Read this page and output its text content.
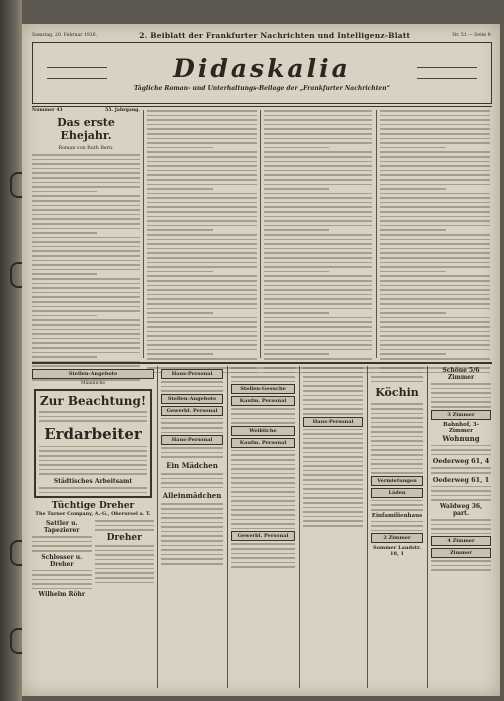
Samstag, 20. Februar 1926.	2. Beiblatt der Frankfurter Nachrichten und Intelligenz-Blatt	Nr. 51 — Seite 9.
Didaskalia
Tägliche Roman- und Unterhaltungs-Beilage der „Frankfurter Nachrichten“
Nummer 43	55. Jahrgang.
Das erste Ehejahr.
Roman von Ruth Bern.
Stellen-Angebote
Männliche
Zur Beachtung!
Erdarbeiter
Städtisches Arbeitsamt
Tüchtige Dreher
The Turner Company, A.-G., Oberursel a. T.
Sattler u. Tapezierer
Schlosser u. Dreher
Wilhelm Röhr
Dreher
Haus-Personal
Stellen-Angebote
Gewerbl. Personal
Haus-Personal
Ein Mädchen
Alleinmädchen
Stellen-Gesuche
Kaufm. Personal
Weibliche
Kaufm. Personal
Gewerbl. Personal
Haus-Personal
Köchin
Vermietungen
Läden
Einfamilienhaus
2 Zimmer
Sommer Landstr. 18, 1
Schöne 5/6 Zimmer
3 Zimmer
Bahnhof, 3-Zimmer
Wohnung
Oederweg 61, 4
Oederweg 61, 1
Waldweg 36, part.
4 Zimmer
Zimmer
